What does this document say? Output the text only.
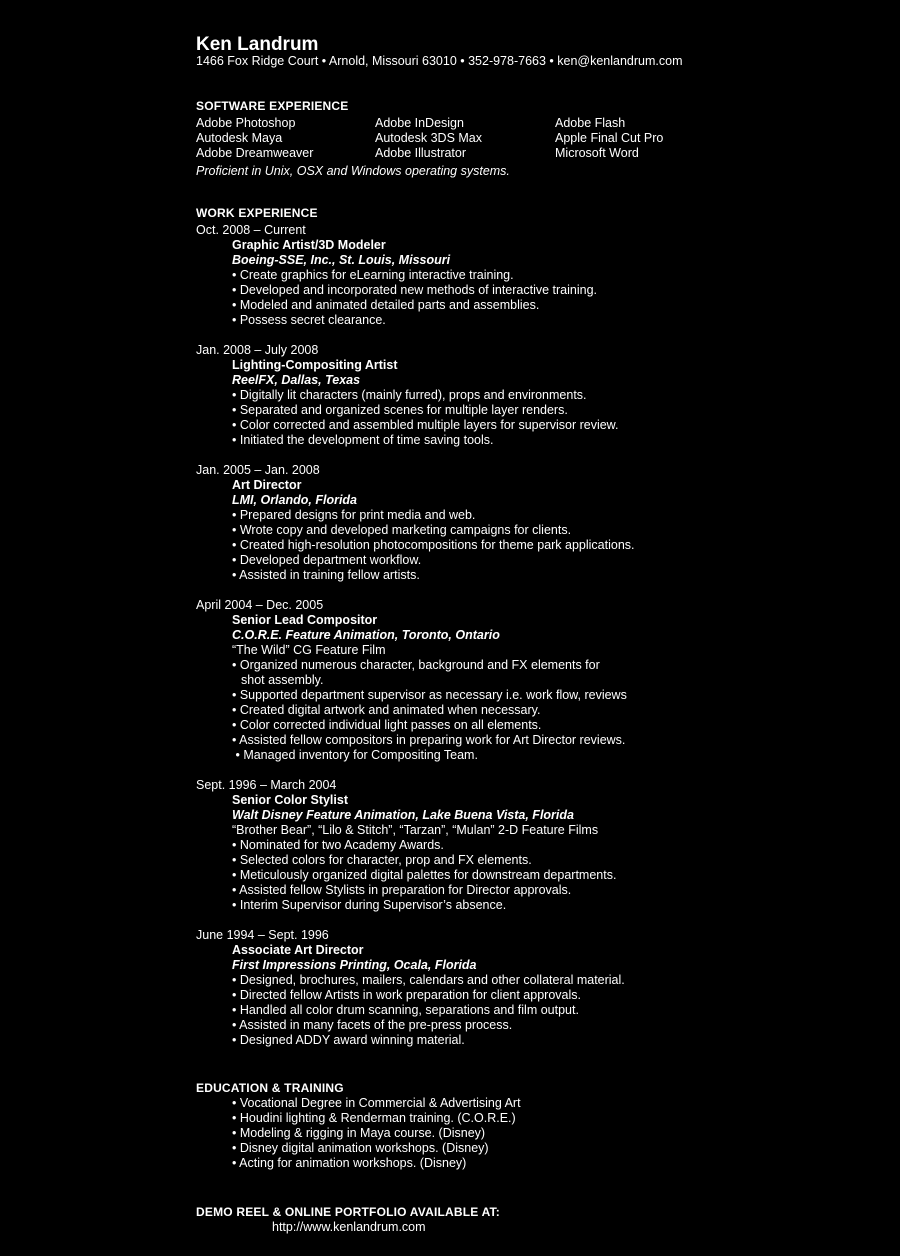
Ken Landrum
1466 Fox Ridge Court • Arnold, Missouri 63010 • 352-978-7663 • ken@kenlandrum.com
SOFTWARE EXPERIENCE
Adobe Photoshop
Autodesk Maya
Adobe Dreamweaver
Adobe InDesign
Autodesk 3DS Max
Adobe Illustrator
Adobe Flash
Apple Final Cut Pro
Microsoft Word
Proficient in Unix, OSX and Windows operating systems.
WORK EXPERIENCE
Oct. 2008 – Current
Graphic Artist/3D Modeler
Boeing-SSE, Inc., St. Louis, Missouri
• Create graphics for eLearning interactive training.
• Developed and incorporated new methods of interactive training.
• Modeled and animated detailed parts and assemblies.
• Possess secret clearance.
Jan. 2008 – July 2008
Lighting-Compositing Artist
ReelFX, Dallas, Texas
• Digitally lit characters (mainly furred), props and environments.
• Separated and organized scenes for multiple layer renders.
• Color corrected and assembled multiple layers for supervisor review.
• Initiated the development of time saving tools.
Jan. 2005 – Jan. 2008
Art Director
LMI, Orlando, Florida
• Prepared designs for print media and web.
• Wrote copy and developed marketing campaigns for clients.
• Created high-resolution photocompositions for theme park applications.
• Developed department workflow.
• Assisted in training fellow artists.
April 2004 – Dec. 2005
Senior Lead Compositor
C.O.R.E. Feature Animation, Toronto, Ontario
“The Wild” CG Feature Film
• Organized numerous character, background and FX elements for
shot assembly.
• Supported department supervisor as necessary i.e. work flow, reviews
• Created digital artwork and animated when necessary.
• Color corrected individual light passes on all elements.
• Assisted fellow compositors in preparing work for Art Director reviews.
• Managed inventory for Compositing Team.
Sept. 1996 – March 2004
Senior Color Stylist
Walt Disney Feature Animation, Lake Buena Vista, Florida
“Brother Bear”, “Lilo & Stitch”, “Tarzan”, “Mulan” 2-D Feature Films
• Nominated for two Academy Awards.
• Selected colors for character, prop and FX elements.
• Meticulously organized digital palettes for downstream departments.
• Assisted fellow Stylists in preparation for Director approvals.
• Interim Supervisor during Supervisor’s absence.
June 1994 – Sept. 1996
Associate Art Director
First Impressions Printing, Ocala, Florida
• Designed, brochures, mailers, calendars and other collateral material.
• Directed fellow Artists in work preparation for client approvals.
• Handled all color drum scanning, separations and film output.
• Assisted in many facets of the pre-press process.
• Designed ADDY award winning material.
EDUCATION & TRAINING
• Vocational Degree in Commercial & Advertising Art
• Houdini lighting & Renderman training. (C.O.R.E.)
• Modeling & rigging in Maya course. (Disney)
• Disney digital animation workshops. (Disney)
• Acting for animation workshops. (Disney)
DEMO REEL & ONLINE PORTFOLIO AVAILABLE AT:
http://www.kenlandrum.com
